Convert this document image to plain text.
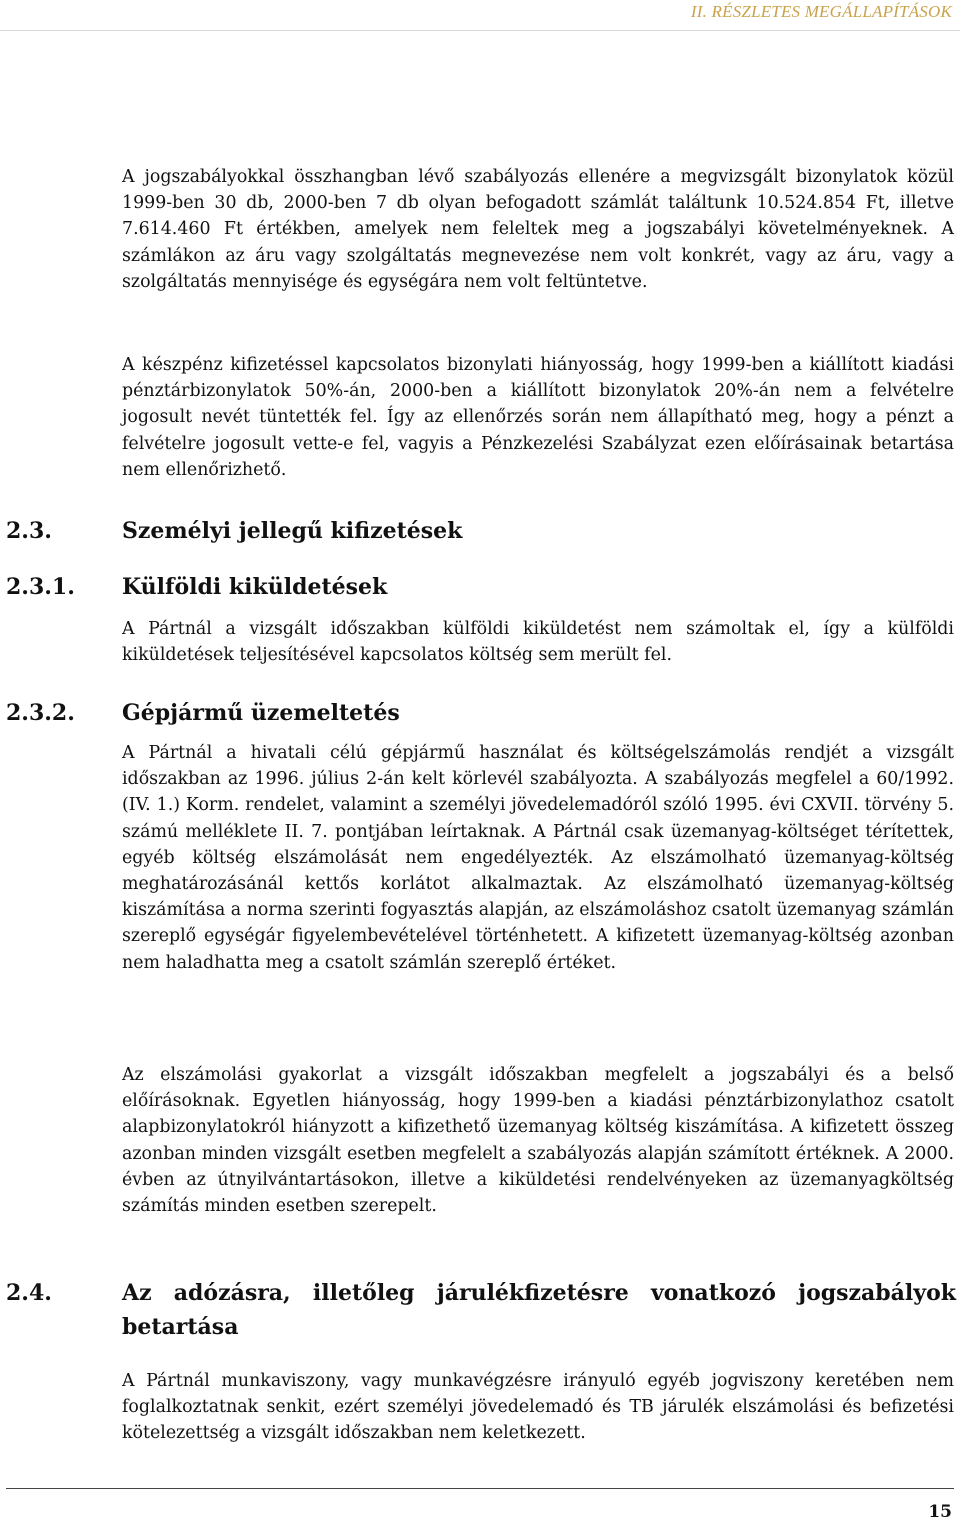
II. RÉSZLETES MEGÁLLAPÍTÁSOK

A jogszabályokkal összhangban lévő szabályozás ellenére a megvizsgált bizonylatok közül 1999-ben 30 db, 2000-ben 7 db olyan befogadott számlát találtunk 10.524.854 Ft, illetve 7.614.460 Ft értékben, amelyek nem feleltek meg a jogszabályi követelményeknek. A számlákon az áru vagy szolgáltatás megnevezése nem volt konkrét, vagy az áru, vagy a szolgáltatás mennyisége és egységára nem volt feltüntetve.

A készpénz kifizetéssel kapcsolatos bizonylati hiányosság, hogy 1999-ben a kiállított kiadási pénztárbizonylatok 50%-án, 2000-ben a kiállított bizonylatok 20%-án nem a felvételre jogosult nevét tüntették fel. Így az ellenőrzés során nem állapítható meg, hogy a pénzt a felvételre jogosult vette-e fel, vagyis a Pénzkezelési Szabályzat ezen előírásainak betartása nem ellenőrizhető.

2.3.	Személyi jellegű kifizetések
2.3.1. Külföldi kiküldetések

A Pártnál a vizsgált időszakban külföldi kiküldetést nem számoltak el, így a külföldi kiküldetések teljesítésével kapcsolatos költség sem merült fel.

2.3.2. Gépjármű üzemeltetés

A Pártnál a hivatali célú gépjármű használat és költségelszámolás rendjét a vizsgált időszakban az 1996. július 2-án kelt körlevél szabályozta. A szabályozás megfelel a 60/1992. (IV. 1.) Korm. rendelet, valamint a személyi jövedelemadóról szóló 1995. évi CXVII. törvény 5. számú melléklete II. 7. pontjában leírtaknak. A Pártnál csak üzemanyag-költséget térítettek, egyéb költség elszámolását nem engedélyezték. Az elszámolható üzemanyag-költség meghatározásánál kettős korlátot alkalmaztak. Az elszámolható üzemanyag-költség kiszámítása a norma szerinti fogyasztás alapján, az elszámoláshoz csatolt üzemanyag számlán szereplő egységár figyelembevételével történhetett. A kifizetett üzemanyag-költség azonban nem haladhatta meg a csatolt számlán szereplő értéket.

Az elszámolási gyakorlat a vizsgált időszakban megfelelt a jogszabályi és a belső előírásoknak. Egyetlen hiányosság, hogy 1999-ben a kiadási pénztárbizonylathoz csatolt alapbizonylatokról hiányzott a kifizethető üzemanyag költség kiszámítása. A kifizetett összeg azonban minden vizsgált esetben megfelelt a szabályozás alapján számított értéknek. A 2000. évben az útnyilvántartásokon, illetve a kiküldetési rendelvényeken az üzemanyagköltség számítás minden esetben szerepelt.

2.4.	Az adózásra, illetőleg járulékfizetésre vonatkozó jogszabályok betartása

A Pártnál munkaviszony, vagy munkavégzésre irányuló egyéb jogviszony keretében nem foglalkoztatnak senkit, ezért személyi jövedelemadó és TB járulék elszámolási és befizetési kötelezettség a vizsgált időszakban nem keletkezett.

15
